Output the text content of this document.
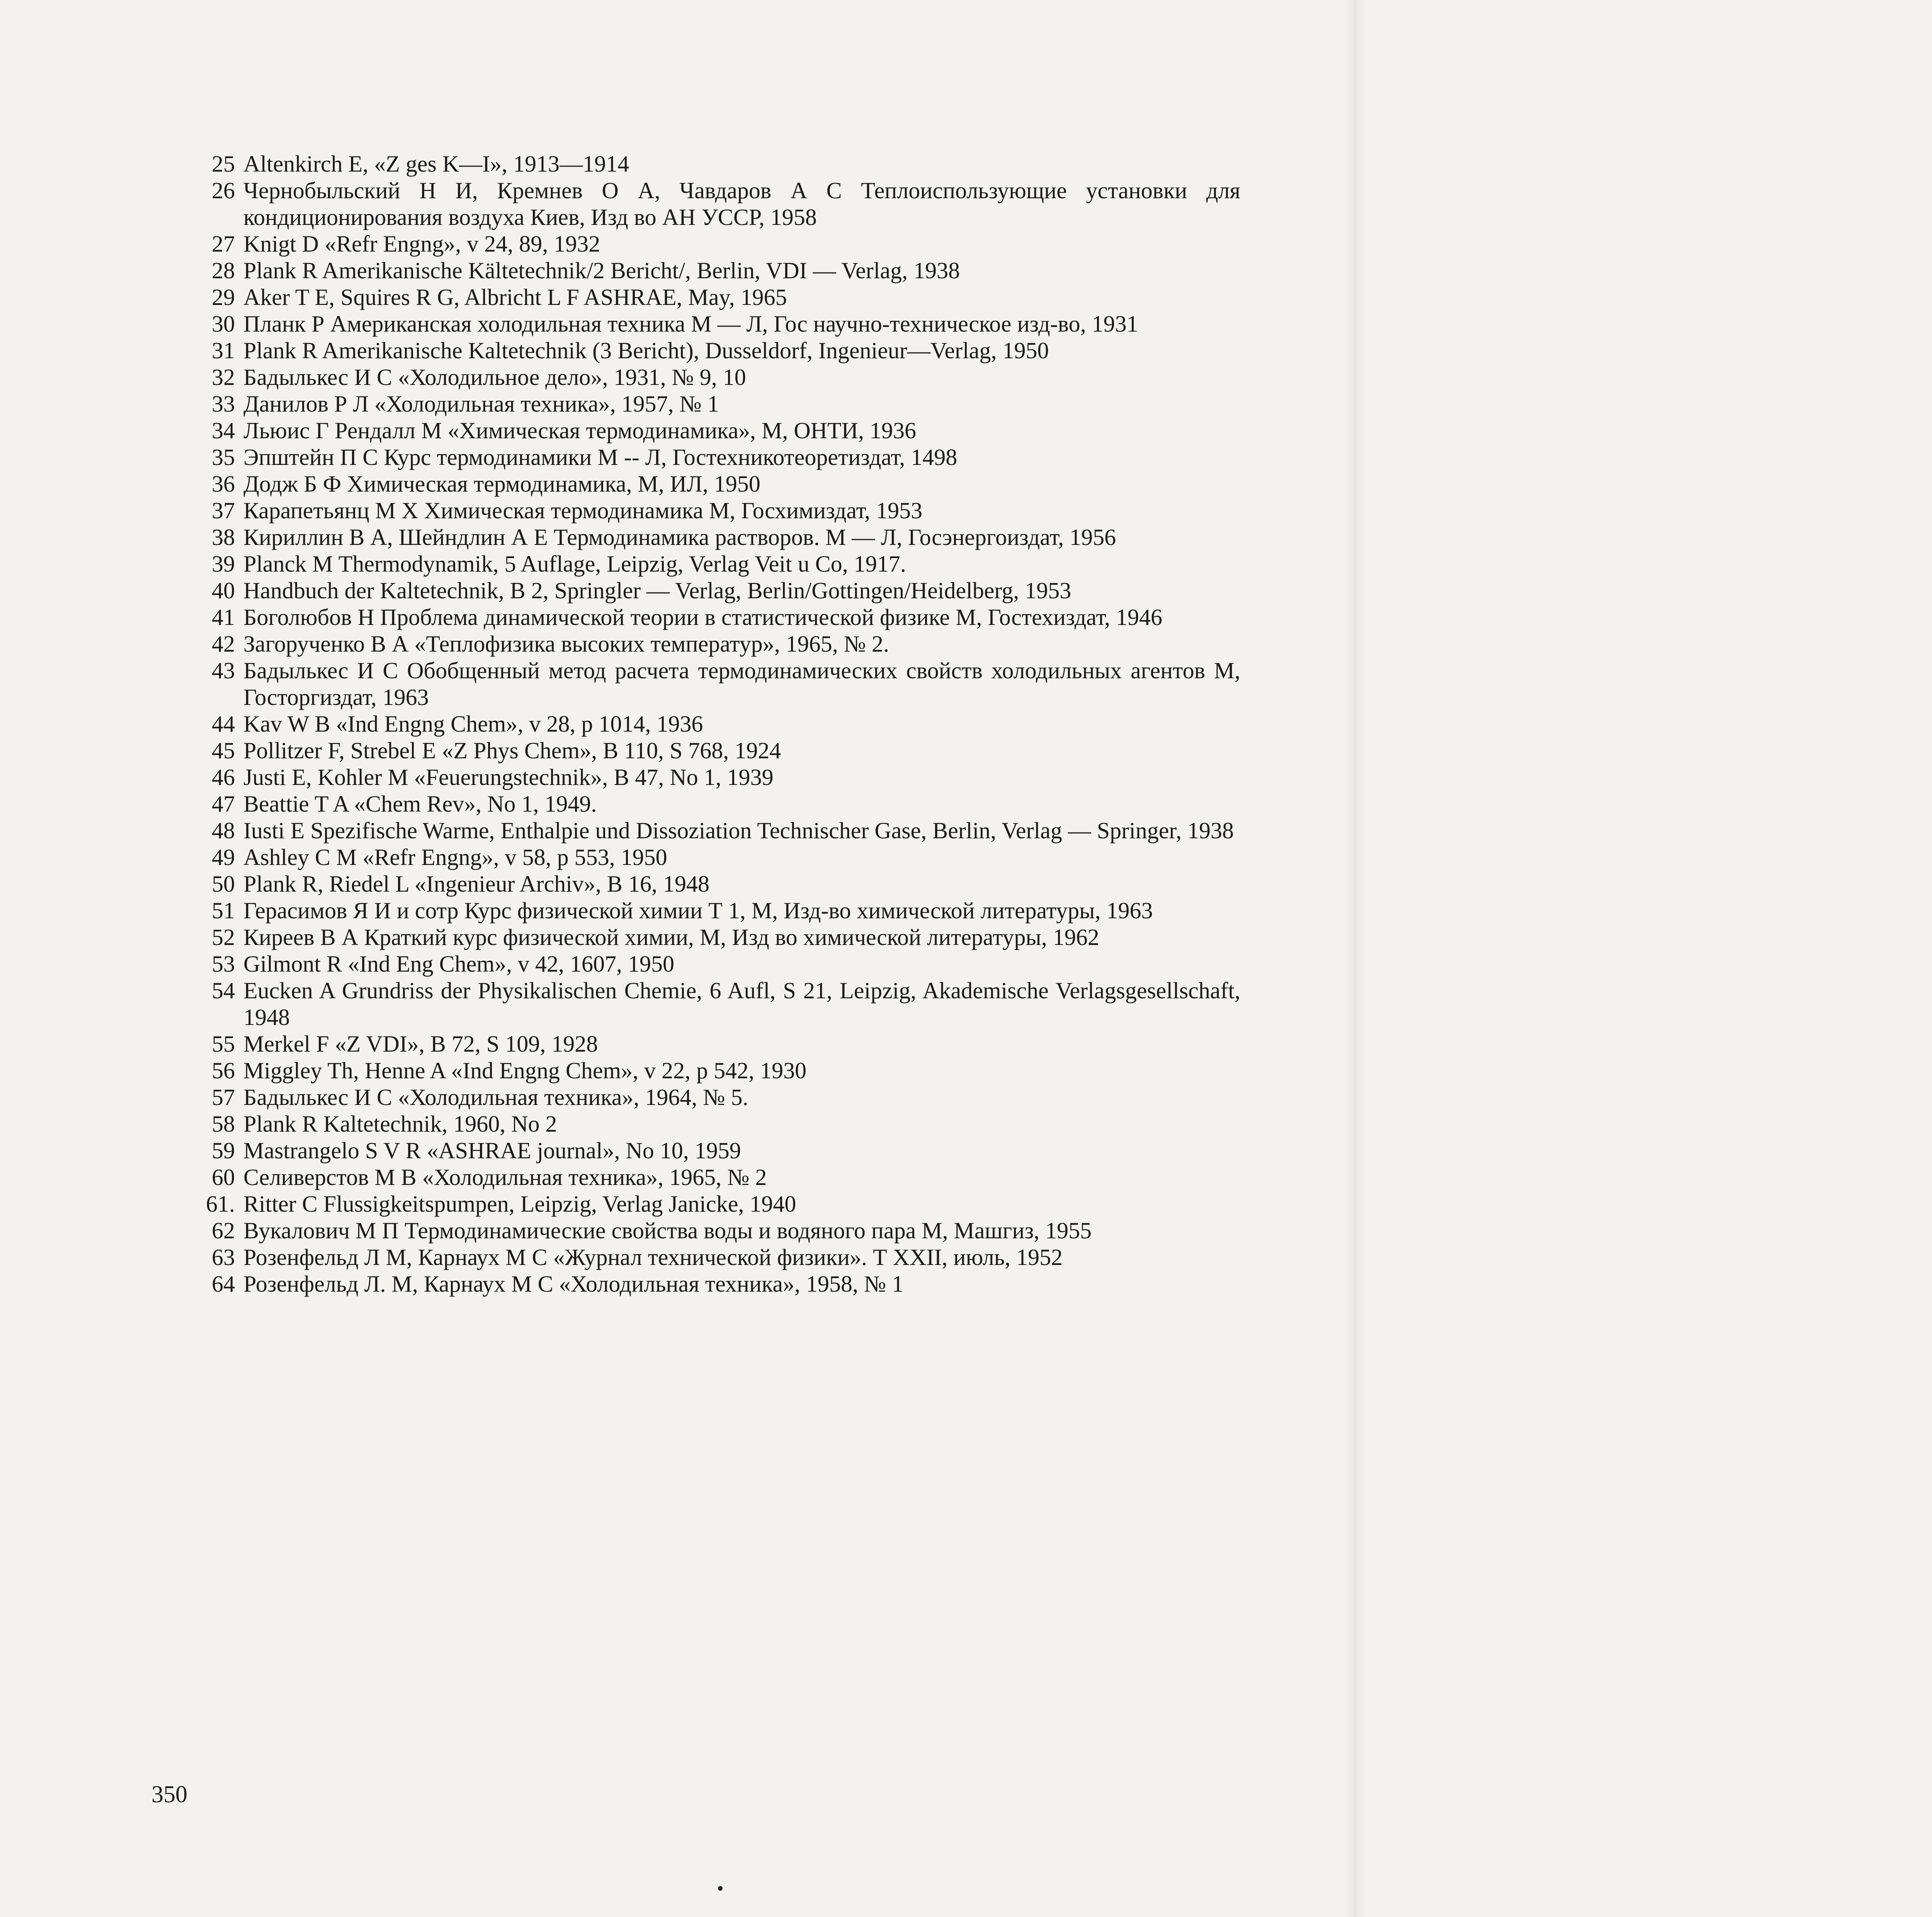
25 Altenkirch E, «Z ges K—I», 1913—1914
26 Чернобыльский Н И, Кремнев О А, Чавдаров А С Теплоиспользующие установки для кондиционирования воздуха Киев, Изд во АН УССР, 1958
27 Knigt D «Refr Engng», v 24, 89, 1932
28 Plank R Amerikanische Kältetechnik/2 Bericht/, Berlin, VDI — Verlag, 1938
29 Aker T E, Squires R G, Albricht L F ASHRAE, May, 1965
30 Планк Р Американская холодильная техника М — Л, Гос научно-техническое изд-во, 1931
31 Plank R Amerikanische Kaltetechnik (3 Bericht), Dusseldorf, Ingenieur—Verlag, 1950
32 Бадылькес И С «Холодильное дело», 1931, № 9, 10
33 Данилов Р Л «Холодильная техника», 1957, № 1
34 Льюис Г Рендалл М «Химическая термодинамика», М, ОНТИ, 1936
35 Эпштейн П С Курс термодинамики М -- Л, Гостехникотеоретиздат, 1498
36 Додж Б Ф Химическая термодинамика, М, ИЛ, 1950
37 Карапетьянц М Х Химическая термодинамика М, Госхимиздат, 1953
38 Кириллин В А, Шейндлин А Е Термодинамика растворов. М — Л, Госэнергоиздат, 1956
39 Planck M Thermodynamik, 5 Auflage, Leipzig, Verlag Veit u Co, 1917.
40 Handbuch der Kaltetechnik, B 2, Springler — Verlag, Berlin/Gottingen/Heidelberg, 1953
41 Боголюбов Н Проблема динамической теории в статистической физике М, Гостехиздат, 1946
42 Загорученко В А «Теплофизика высоких температур», 1965, № 2.
43 Бадылькес И С Обобщенный метод расчета термодинамических свойств холодильных агентов М, Госторгиздат, 1963
44 Kav W B «Ind Engng Chem», v 28, p 1014, 1936
45 Pollitzer F, Strebel E «Z Phys Chem», B 110, S 768, 1924
46 Justi E, Kohler M «Feuerungstechnik», B 47, No 1, 1939
47 Beattie T A «Chem Rev», No 1, 1949.
48 Iusti E Spezifische Warme, Enthalpie und Dissoziation Technischer Gase, Berlin, Verlag — Springer, 1938
49 Ashley C M «Refr Engng», v 58, p 553, 1950
50 Plank R, Riedel L «Ingenieur Archiv», B 16, 1948
51 Герасимов Я И и сотр Курс физической химии Т 1, М, Изд-во химической литературы, 1963
52 Киреев В А Краткий курс физической химии, М, Изд во химической литературы, 1962
53 Gilmont R «Ind Eng Chem», v 42, 1607, 1950
54 Eucken A Grundriss der Physikalischen Chemie, 6 Aufl, S 21, Leipzig, Akademische Verlagsgesellschaft, 1948
55 Merkel F «Z VDI», B 72, S 109, 1928
56 Miggley Th, Henne A «Ind Engng Chem», v 22, p 542, 1930
57 Бадылькес И С «Холодильная техника», 1964, № 5.
58 Plank R Kaltetechnik, 1960, No 2
59 Mastrangelo S V R «ASHRAE journal», No 10, 1959
60 Селиверстов М В «Холодильная техника», 1965, № 2
61. Ritter C Flussigkeitspumpen, Leipzig, Verlag Janicke, 1940
62 Вукалович М П Термодинамические свойства воды и водяного пара М, Машгиз, 1955
63 Розенфельд Л М, Карнаух М С «Журнал технической физики». Т XXII, июль, 1952
64 Розенфельд Л. М, Карнаух М С «Холодильная техника», 1958, № 1
350
